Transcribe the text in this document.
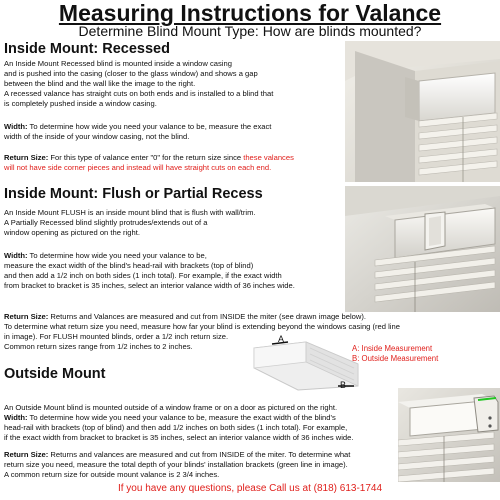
Measuring Instructions for Valance
Determine Blind Mount Type: How are blinds mounted?
Inside Mount: Recessed
An Inside Mount Recessed blind is mounted inside a window casing
and is pushed into the casing (closer to the glass window) and shows a gap
between the blind and the wall like the image to the right.
A recessed valance has straight cuts on both ends and is installed to a blind that
is completely pushed inside a window casing.
Width: To determine how wide you need your valance to be, measure the exact
width of the inside of your window casing, not the blind.
Return Size: For this type of valance enter "0" for the return size since these valances
will not have side corner pieces and instead will have straight cuts on each end.
Inside Mount: Flush or Partial Recess
An Inside Mount FLUSH is an inside mount blind that is flush with wall/trim.
A Partially Recessed blind slightly protrudes/extends out of a
window opening as pictured on the right.
Width: To determine how wide you need your valance to be,
measure the exact width of the blind's head-rail with brackets (top of blind)
and then add a 1/2 inch on both sides (1 inch total). For example, if the exact width
from bracket to bracket is 35 inches, select an interior valance width of 36 inches wide.
Return Size: Returns and Valances are measured and cut from INSIDE the miter (see drawn image below).
To determine what return size you need, measure how far your blind is extending beyond the windows casing (red line
in image). For FLUSH mounted blinds, order a 1/2 inch return size.
Common return sizes range from 1/2 inches to 2 inches.
A
B
A: Inside Measurement
B: Outside Measurement
Outside Mount
An Outside Mount blind is mounted outside of a window frame or on a door as pictured on the right.
Width: To determine how wide you need your valance to be, measure the exact width of the blind's
head-rail with brackets (top of blind) and then add 1/2 inches on both sides (1 inch total). For example,
if the exact width from bracket to bracket is 35 inches, select an interior valance width of 36 inches wide.
Return Size: Returns and valances are measured and cut from INSIDE of the miter. To determine what
return size you need, measure the total depth of your blinds' installation brackets (green line in image).
A common return size for outside mount valance is 2 3/4 inches.
If you have any questions, please Call us at (818) 613-1744
